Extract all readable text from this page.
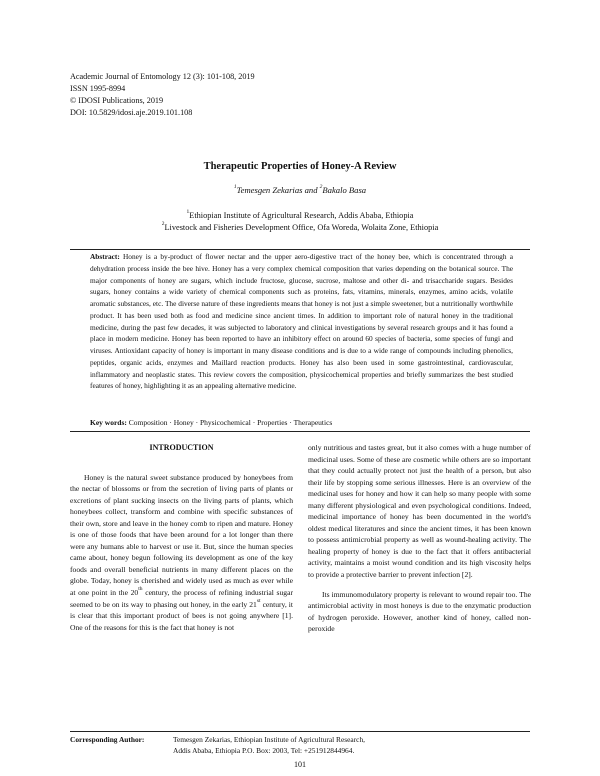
Academic Journal of Entomology 12 (3): 101-108, 2019
ISSN 1995-8994
© IDOSI Publications, 2019
DOI: 10.5829/idosi.aje.2019.101.108
Therapeutic Properties of Honey-A Review
$^1$Temesgen Zekarias and $^2$Bakalo Basa
$^1$Ethiopian Institute of Agricultural Research, Addis Ababa, Ethiopia
$^2$Livestock and Fisheries Development Office, Ofa Woreda, Wolaita Zone, Ethiopia
Abstract: Honey is a by-product of flower nectar and the upper aero-digestive tract of the honey bee, which is concentrated through a dehydration process inside the bee hive. Honey has a very complex chemical composition that varies depending on the botanical source. The major components of honey are sugars, which include fructose, glucose, sucrose, maltose and other di- and trisaccharide sugars. Besides sugars, honey contains a wide variety of chemical components such as proteins, fats, vitamins, minerals, enzymes, amino acids, volatile aromatic substances, etc. The diverse nature of these ingredients means that honey is not just a simple sweetener, but a nutritionally worthwhile product. It has been used both as food and medicine since ancient times. In addition to important role of natural honey in the traditional medicine, during the past few decades, it was subjected to laboratory and clinical investigations by several research groups and it has found a place in modern medicine. Honey has been reported to have an inhibitory effect on around 60 species of bacteria, some species of fungi and viruses. Antioxidant capacity of honey is important in many disease conditions and is due to a wide range of compounds including phenolics, peptides, organic acids, enzymes and Maillard reaction products. Honey has also been used in some gastrointestinal, cardiovascular, inflammatory and neoplastic states. This review covers the composition, physicochemical properties and briefly summarizes the best studied features of honey, highlighting it as an appealing alternative medicine.
Key words: Composition · Honey · Physicochemical · Properties · Therapeutics
INTRODUCTION

Honey is the natural sweet substance produced by honeybees from the nectar of blossoms or from the secretion of living parts of plants or excretions of plant sucking insects on the living parts of plants, which honeybees collect, transform and combine with specific substances of their own, store and leave in the honey comb to ripen and mature. Honey is one of those foods that have been around for a lot longer than there were any humans able to harvest or use it. But, since the human species came about, honey begun following its development as one of the key foods and overall beneficial nutrients in many different places on the globe. Today, honey is cherished and widely used as much as ever while at one point in the 20th century, the process of refining industrial sugar seemed to be on its way to phasing out honey, in the early 21st century, it is clear that this important product of bees is not going anywhere [1]. One of the reasons for this is the fact that honey is not

only nutritious and tastes great, but it also comes with a huge number of medicinal uses. Some of these are cosmetic while others are so important that they could actually protect not just the health of a person, but also their life by stopping some serious illnesses. Here is an overview of the medicinal uses for honey and how it can help so many people with some many different physiological and even psychological conditions. Indeed, medicinal importance of honey has been documented in the world's oldest medical literatures and since the ancient times, it has been known to possess antimicrobial property as well as wound-healing activity. The healing property of honey is due to the fact that it offers antibacterial activity, maintains a moist wound condition and its high viscosity helps to provide a protective barrier to prevent infection [2].

Its immunomodulatory property is relevant to wound repair too. The antimicrobial activity in most honeys is due to the enzymatic production of hydrogen peroxide. However, another kind of honey, called non-peroxide

Corresponding Author:	Temesgen Zekarias, Ethiopian Institute of Agricultural Research,
Addis Ababa, Ethiopia P.O. Box: 2003, Tel: +251912844964.
101
